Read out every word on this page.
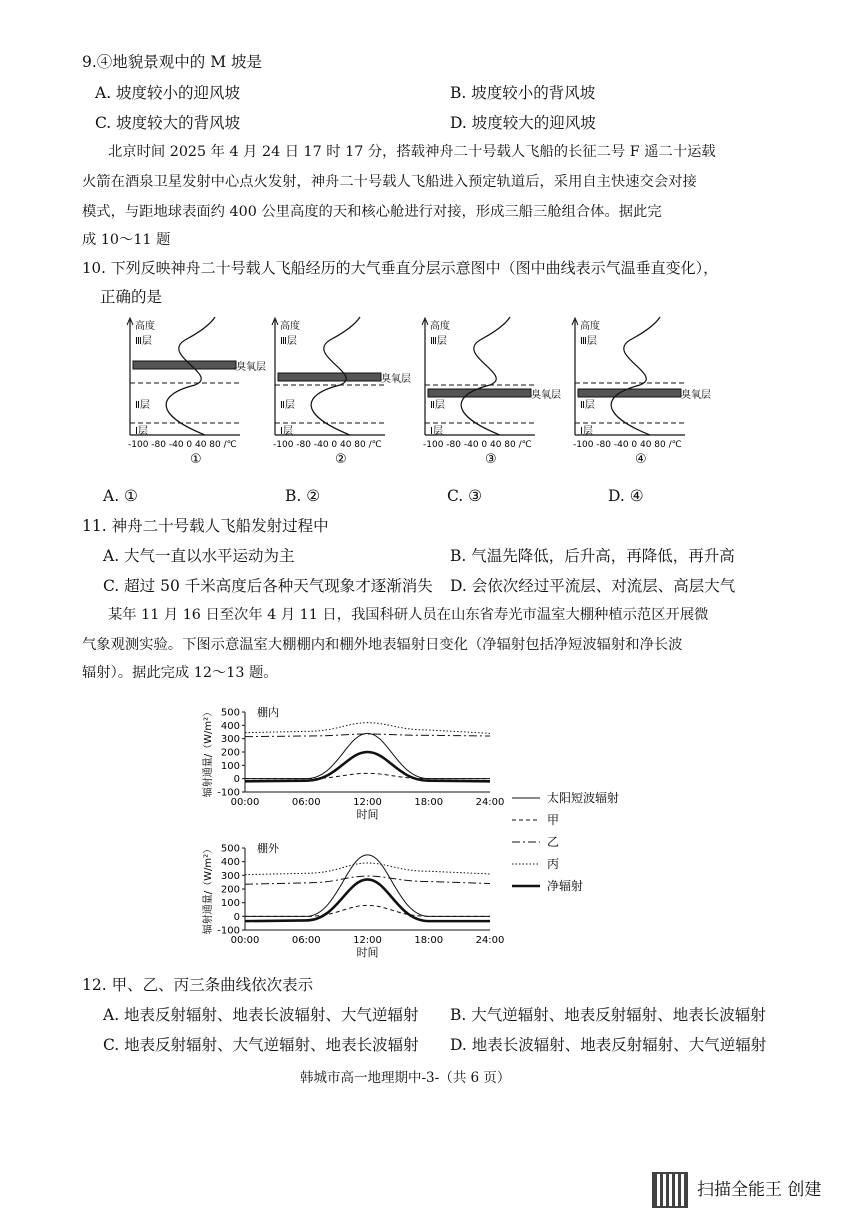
9.④地貌景观中的 M 坡是
A. 坡度较小的迎风坡	B. 坡度较小的背风坡
C. 坡度较大的背风坡	D. 坡度较大的迎风坡
北京时间 2025 年 4 月 24 日 17 时 17 分，搭载神舟二十号载人飞船的长征二号 F 遥二十运载
火箭在酒泉卫星发射中心点火发射，神舟二十号载人飞船进入预定轨道后，采用自主快速交会对接
模式，与距地球表面约 400 公里高度的天和核心舱进行对接，形成三船三舱组合体。据此完
成 10～11 题
10. 下列反映神舟二十号载人飞船经历的大气垂直分层示意图中（图中曲线表示气温垂直变化），
正确的是
高度
Ⅲ层
Ⅱ层
Ⅰ层
臭氧层
-100 -80 -40 0 40 80 /℃
①
高度
Ⅲ层
Ⅱ层
Ⅰ层
臭氧层
-100 -80 -40 0 40 80 /℃
②
高度
Ⅲ层
Ⅱ层
Ⅰ层
臭氧层
-100 -80 -40 0 40 80 /℃
③
高度
Ⅲ层
Ⅱ层
Ⅰ层
臭氧层
-100 -80 -40 0 40 80 /℃
④
A. ①	B. ②	C. ③	D. ④
11. 神舟二十号载人飞船发射过程中
A. 大气一直以水平运动为主	B. 气温先降低，后升高，再降低，再升高
C. 超过 50 千米高度后各种天气现象才逐渐消失 D. 会依次经过平流层、对流层、高层大气
某年 11 月 16 日至次年 4 月 11 日，我国科研人员在山东省寿光市温室大棚种植示范区开展微
气象观测实验。下图示意温室大棚棚内和棚外地表辐射日变化（净辐射包括净短波辐射和净长波
辐射）。据此完成 12～13 题。
500
400
300
200
100
0
-100
00:00	06:00	12:00	18:00	24:00
时间
辐射通量/（W/m²）	棚内
500
400
300
200
100
0
-100
00:00	06:00	12:00	18:00	24:00
时间
辐射通量/（W/m²）	棚外
太阳短波辐射
甲
乙
丙
净辐射
12. 甲、乙、丙三条曲线依次表示
A. 地表反射辐射、地表长波辐射、大气逆辐射 B. 大气逆辐射、地表反射辐射、地表长波辐射
C. 地表反射辐射、大气逆辐射、地表长波辐射 D. 地表长波辐射、地表反射辐射、大气逆辐射
韩城市高一地理期中-3-（共 6 页）
扫描全能王 创建
